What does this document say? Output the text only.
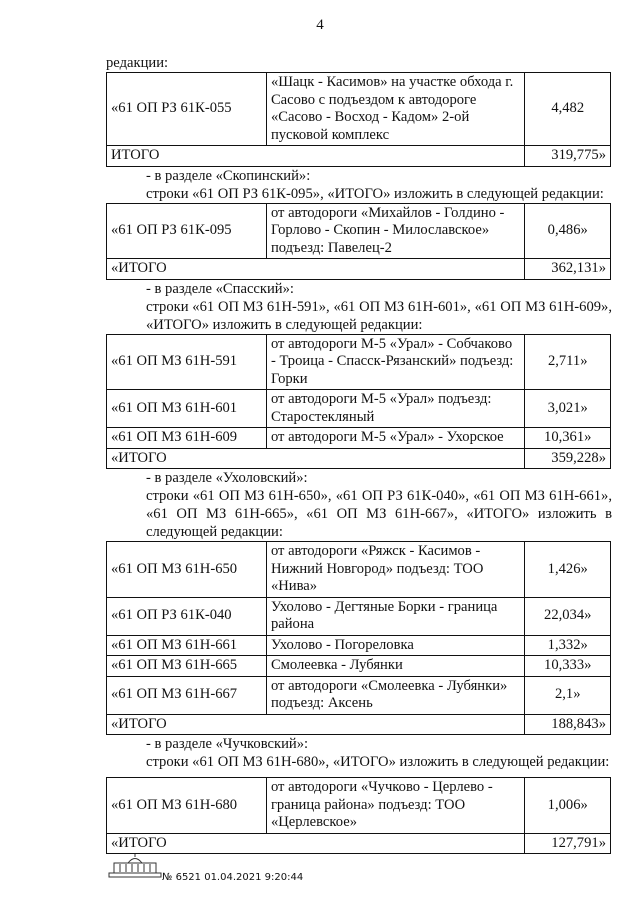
4
редакции:
«61 ОП РЗ 61К-055	«Шацк - Касимов» на участке обхода г. Сасово с подъездом к автодороге «Сасово - Восход - Кадом» 2-ой пусковой комплекс	4,482
ИТОГО		319,775»
- в разделе «Скопинский»:
строки «61 ОП РЗ 61К-095», «ИТОГО» изложить в следующей редакции:
«61 ОП РЗ 61К-095	от автодороги «Михайлов - Голдино - Горлово - Скопин - Милославское» подъезд: Павелец-2	0,486»
«ИТОГО		362,131»
- в разделе «Спасский»:
строки «61 ОП МЗ 61Н-591», «61 ОП МЗ 61Н-601», «61 ОП МЗ 61Н-609», «ИТОГО» изложить в следующей редакции:
«61 ОП МЗ 61Н-591	от автодороги М-5 «Урал» - Собчаково - Троица - Спасск-Рязанский» подъезд: Горки	2,711»
«61 ОП МЗ 61Н-601	от автодороги М-5 «Урал» подъезд: Старостекляный	3,021»
«61 ОП МЗ 61Н-609	от автодороги М-5 «Урал» - Ухорское	10,361»
«ИТОГО		359,228»
- в разделе «Ухоловский»:
строки «61 ОП МЗ 61Н-650», «61 ОП РЗ 61К-040», «61 ОП МЗ 61Н-661», «61 ОП МЗ 61Н-665», «61 ОП МЗ 61Н-667», «ИТОГО» изложить в следующей редакции:
«61 ОП МЗ 61Н-650	от автодороги «Ряжск - Касимов - Нижний Новгород» подъезд: ТОО «Нива»	1,426»
«61 ОП РЗ 61К-040	Ухолово - Дегтяные Борки - граница района	22,034»
«61 ОП МЗ 61Н-661	Ухолово - Погореловка	1,332»
«61 ОП МЗ 61Н-665	Смолеевка - Лубянки	10,333»
«61 ОП МЗ 61Н-667	от автодороги «Смолеевка - Лубянки» подъезд: Аксень	2,1»
«ИТОГО		188,843»
- в разделе «Чучковский»:
строки «61 ОП МЗ 61Н-680», «ИТОГО» изложить в следующей редакции:
«61 ОП МЗ 61Н-680	от автодороги «Чучково - Церлево - граница района» подъезд: ТОО «Церлевское»	1,006»
«ИТОГО		127,791»
№ 6521 01.04.2021 9:20:44
